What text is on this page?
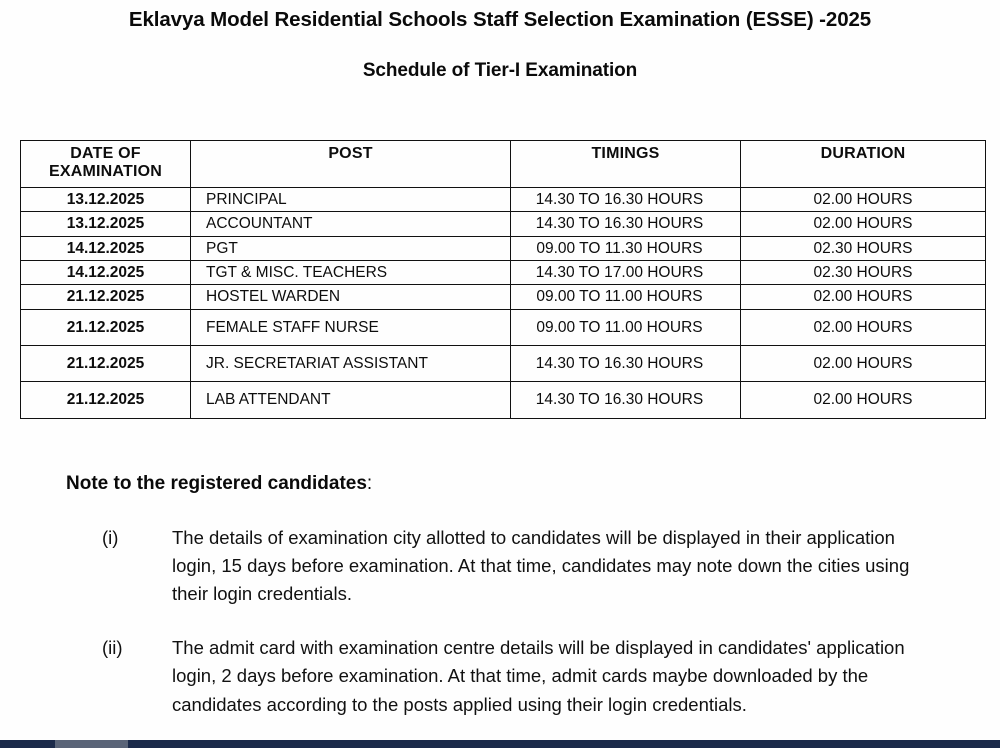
Eklavya Model Residential Schools Staff Selection Examination (ESSE) -2025
Schedule of Tier-I Examination
DATE OF
EXAMINATION	POST	TIMINGS	DURATION
13.12.2025	PRINCIPAL	14.30 TO 16.30 HOURS	02.00 HOURS
13.12.2025	ACCOUNTANT	14.30 TO 16.30 HOURS	02.00 HOURS
14.12.2025	PGT	09.00 TO 11.30 HOURS	02.30 HOURS
14.12.2025	TGT & MISC. TEACHERS	14.30 TO 17.00 HOURS	02.30 HOURS
21.12.2025	HOSTEL WARDEN	09.00 TO 11.00 HOURS	02.00 HOURS
21.12.2025	FEMALE STAFF NURSE	09.00 TO 11.00 HOURS	02.00 HOURS
21.12.2025	JR. SECRETARIAT ASSISTANT	14.30 TO 16.30 HOURS	02.00 HOURS
21.12.2025	LAB ATTENDANT	14.30 TO 16.30 HOURS	02.00 HOURS
Note to the registered candidates:
(i)	The details of examination city allotted to candidates will be displayed in their application login, 15 days before examination. At that time, candidates may note down the cities using their login credentials.
(ii)	The admit card with examination centre details will be displayed in candidates' application login, 2 days before examination. At that time, admit cards maybe downloaded by the candidates according to the posts applied using their login credentials.
